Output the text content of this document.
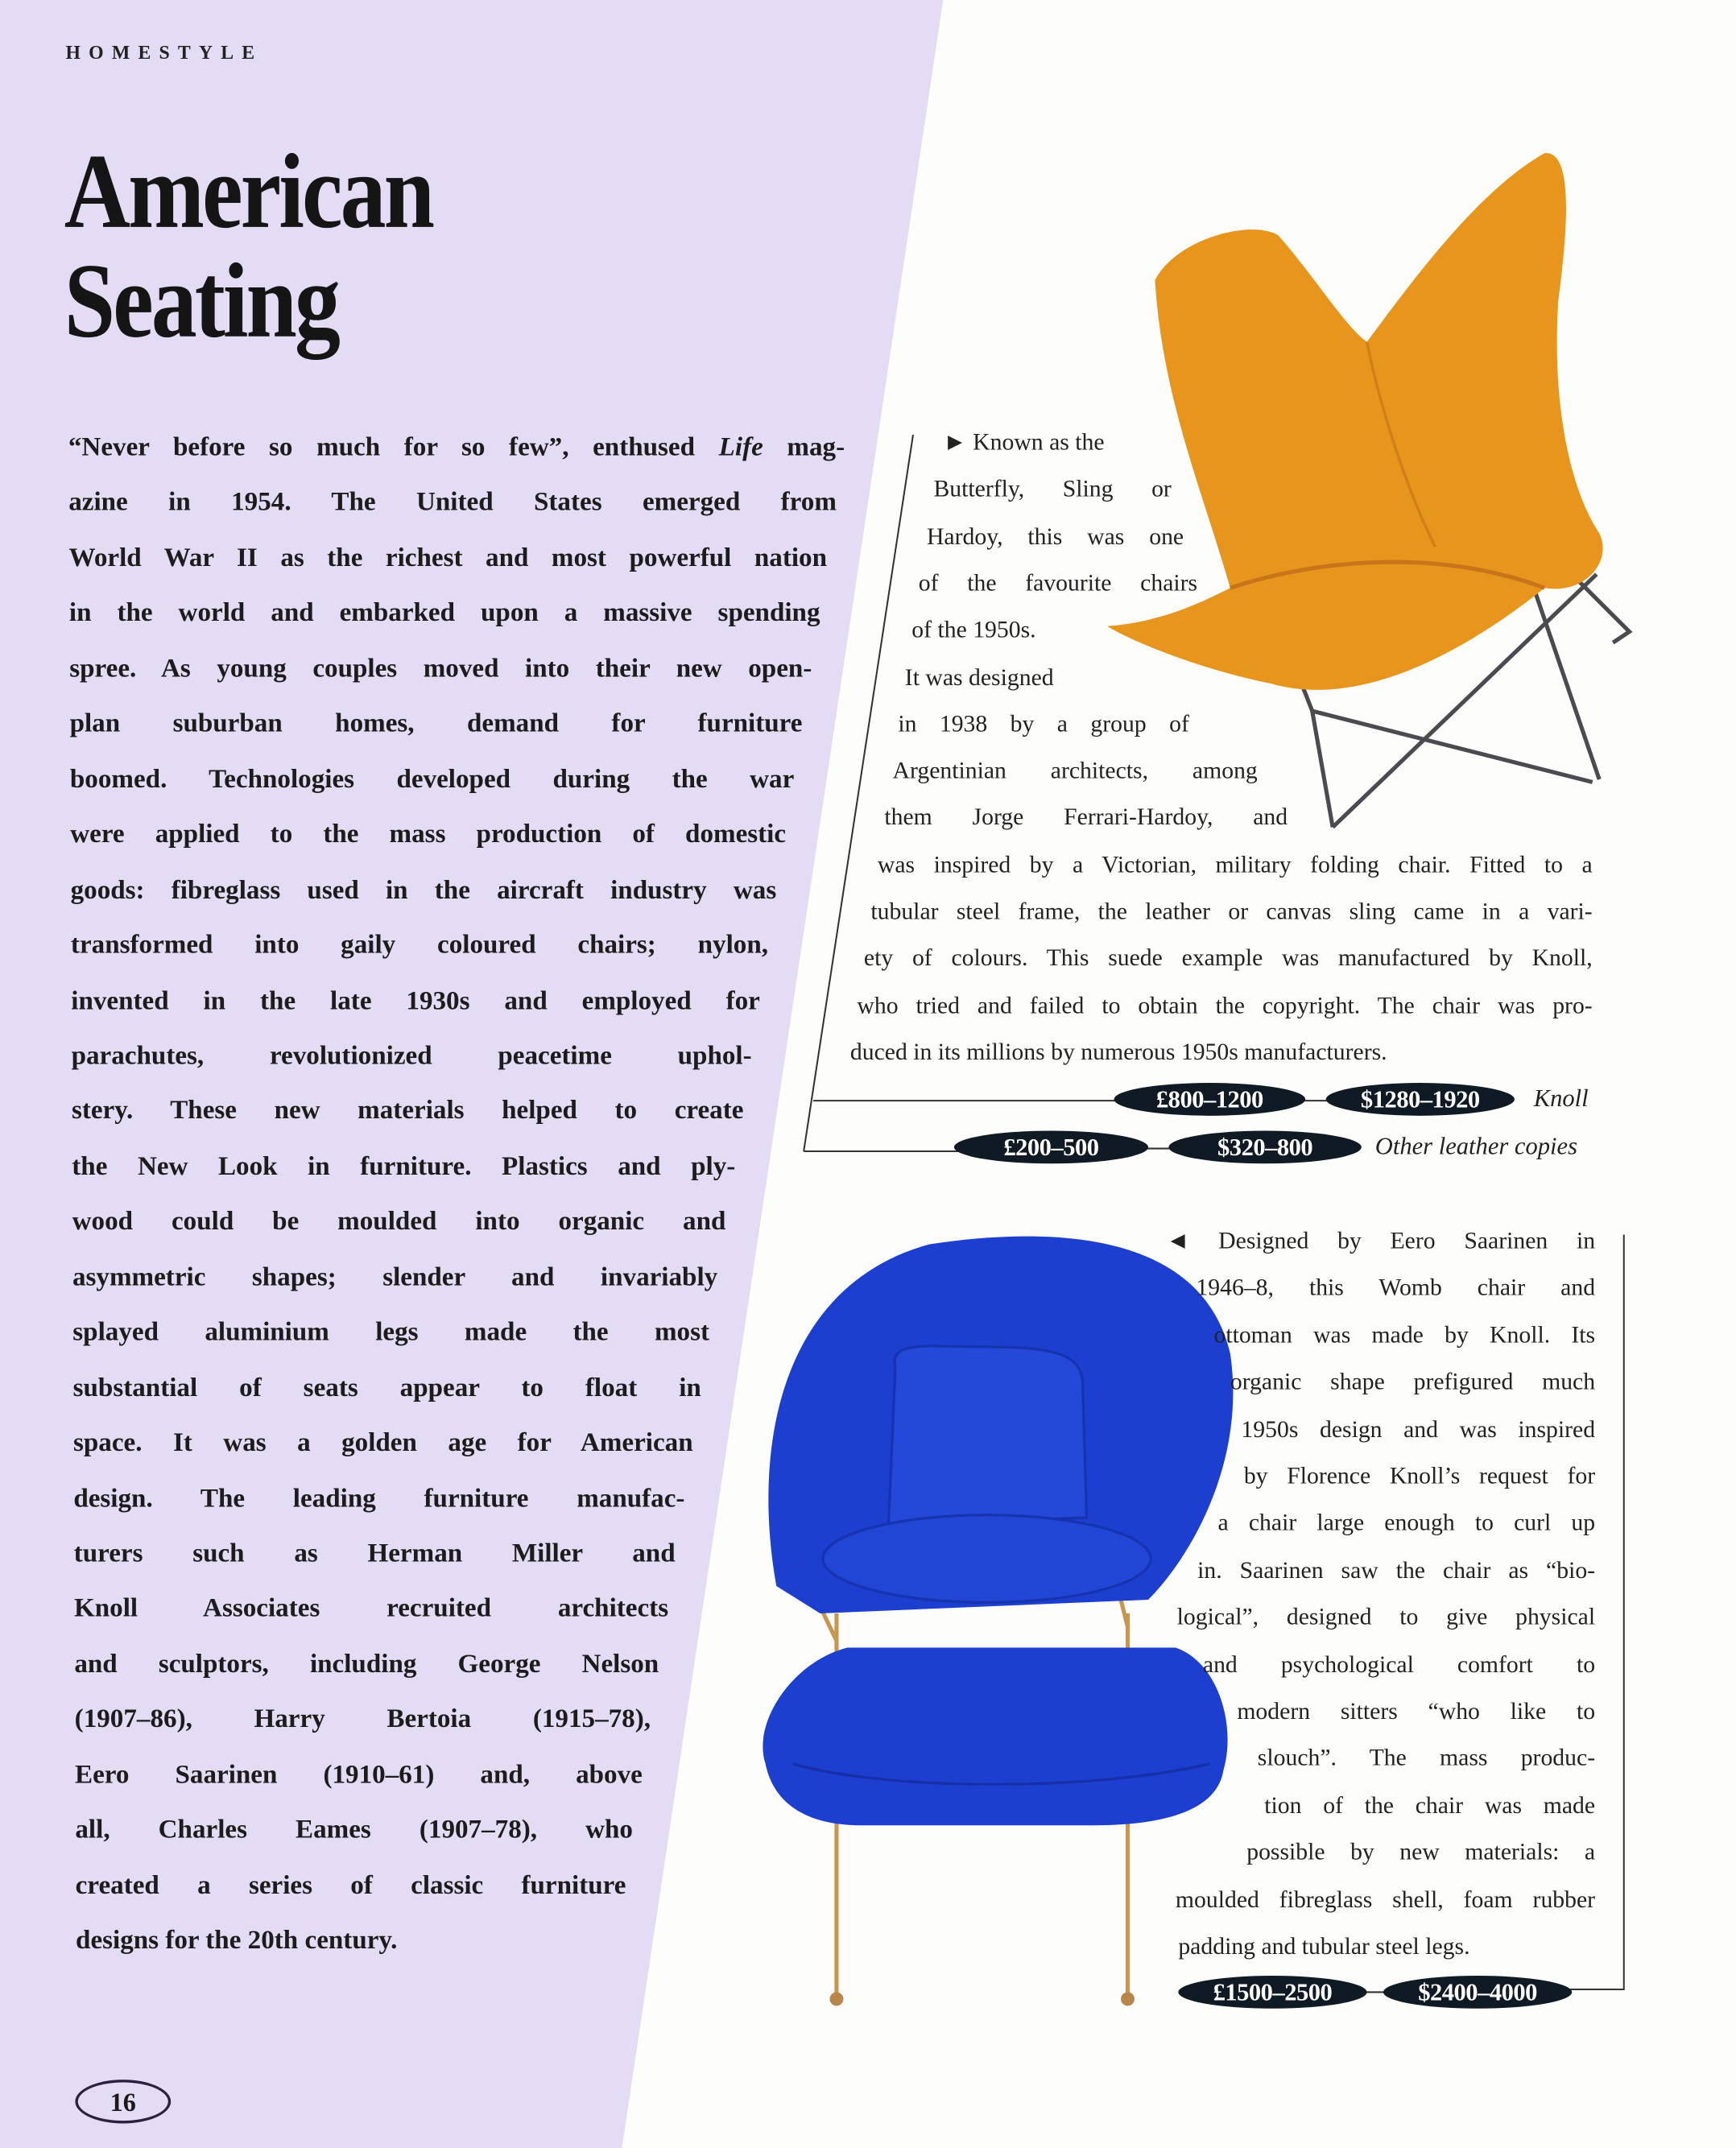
HOMESTYLE
American
Seating
“Never before so much for so few”, enthused Life mag-
azine in 1954. The United States emerged from
World War II as the richest and most powerful nation
in the world and embarked upon a massive spending
spree. As young couples moved into their new open-
plan suburban homes, demand for furniture
boomed. Technologies developed during the war
were applied to the mass production of domestic
goods: fibreglass used in the aircraft industry was
transformed into gaily coloured chairs; nylon,
invented in the late 1930s and employed for
parachutes, revolutionized peacetime uphol-
stery. These new materials helped to create
the New Look in furniture. Plastics and ply-
wood could be moulded into organic and
asymmetric shapes; slender and invariably
splayed aluminium legs made the most
substantial of seats appear to float in
space. It was a golden age for American
design. The leading furniture manufac-
turers such as Herman Miller and
Knoll Associates recruited architects
and sculptors, including George Nelson
(1907–86), Harry Bertoia (1915–78),
Eero Saarinen (1910–61) and, above
all, Charles Eames (1907–78), who
created a series of classic furniture
designs for the 20th century.
► Known as the
Butterfly, Sling or
Hardoy, this was one
of the favourite chairs
of the 1950s.
It was designed
in 1938 by a group of
Argentinian architects, among
them Jorge Ferrari-Hardoy, and
was inspired by a Victorian, military folding chair. Fitted to a
tubular steel frame, the leather or canvas sling came in a vari-
ety of colours. This suede example was manufactured by Knoll,
who tried and failed to obtain the copyright. The chair was pro-
duced in its millions by numerous 1950s manufacturers.
◄ Designed by Eero Saarinen in
1946–8, this Womb chair and
ottoman was made by Knoll. Its
organic shape prefigured much
1950s design and was inspired
by Florence Knoll’s request for
a chair large enough to curl up
in. Saarinen saw the chair as “bio-
logical”, designed to give physical
and psychological comfort to
modern sitters “who like to
slouch”. The mass produc-
tion of the chair was made
possible by new materials: a
moulded fibreglass shell, foam rubber
padding and tubular steel legs.
£800–1200	$1280–1920	Knoll
£200–500	$320–800	Other leather copies
£1500–2500	$2400–4000
16
